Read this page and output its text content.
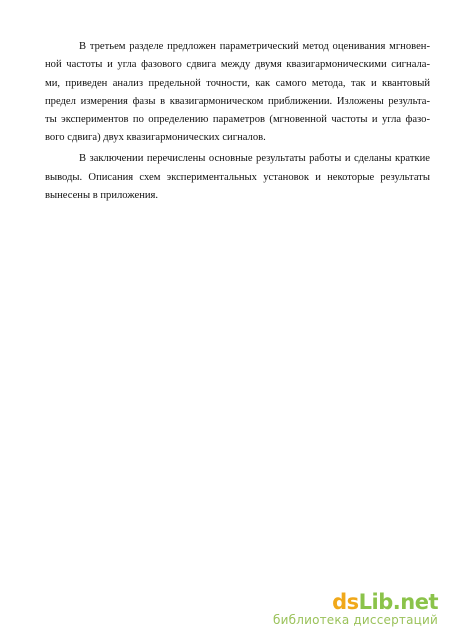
В третьем разделе предложен параметрический метод оценивания мгновен-
ной частоты и угла фазового сдвига между двумя квазигармоническими сигнала-
ми, приведен анализ предельной точности, как самого метода, так и квантовый
предел измерения фазы в квазигармоническом приближении. Изложены результа-
ты экспериментов по определению параметров (мгновенной частоты и угла фазо-
вого сдвига) двух квазигармонических сигналов.
В заключении перечислены основные результаты работы и сделаны краткие
выводы. Описания схем экспериментальных установок и некоторые результаты
вынесены в приложения.
dsLib.net
библиотека диссертаций
